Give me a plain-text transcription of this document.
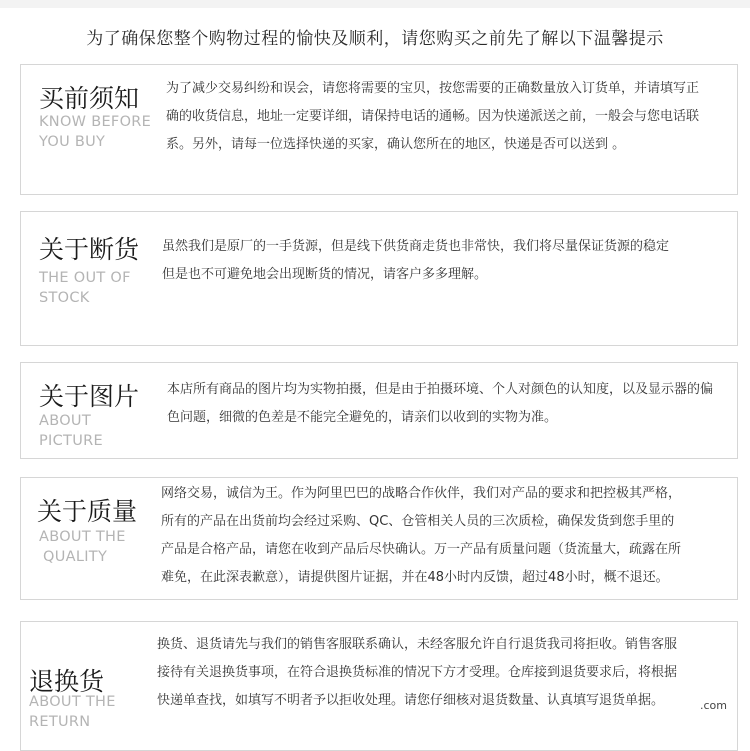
为了确保您整个购物过程的愉快及顺利，请您购买之前先了解以下温馨提示
买前须知
KNOW BEFORE
YOU BUY
为了减少交易纠纷和误会，请您将需要的宝贝，按您需要的正确数量放入订货单，并请填写正
确的收货信息，地址一定要详细，请保持电话的通畅。因为快递派送之前，一般会与您电话联
系。另外，请每一位选择快递的买家，确认您所在的地区，快递是否可以送到 。
关于断货
THE OUT OF
STOCK
虽然我们是原厂的一手货源，但是线下供货商走货也非常快，我们将尽量保证货源的稳定
但是也不可避免地会出现断货的情况，请客户多多理解。
关于图片
ABOUT
PICTURE
本店所有商品的图片均为实物拍摄，但是由于拍摄环境、个人对颜色的认知度，以及显示器的偏
色问题，细微的色差是不能完全避免的，请亲们以收到的实物为准。
关于质量
ABOUT THE
QUALITY
网络交易，诚信为王。作为阿里巴巴的战略合作伙伴，我们对产品的要求和把控极其严格，
所有的产品在出货前均会经过采购、QC、仓管相关人员的三次质检，确保发货到您手里的
产品是合格产品，请您在收到产品后尽快确认。万一产品有质量问题（货流量大，疏露在所
难免，在此深表歉意），请提供图片证据，并在48小时内反馈，超过48小时，概不退还。
退换货
ABOUT THE
RETURN
换货、退货请先与我们的销售客服联系确认，未经客服允许自行退货我司将拒收。销售客服
接待有关退换货事项，在符合退换货标准的情况下方才受理。仓库接到退货要求后，将根据
快递单查找，如填写不明者予以拒收处理。请您仔细核对退货数量、认真填写退货单据。	.com
